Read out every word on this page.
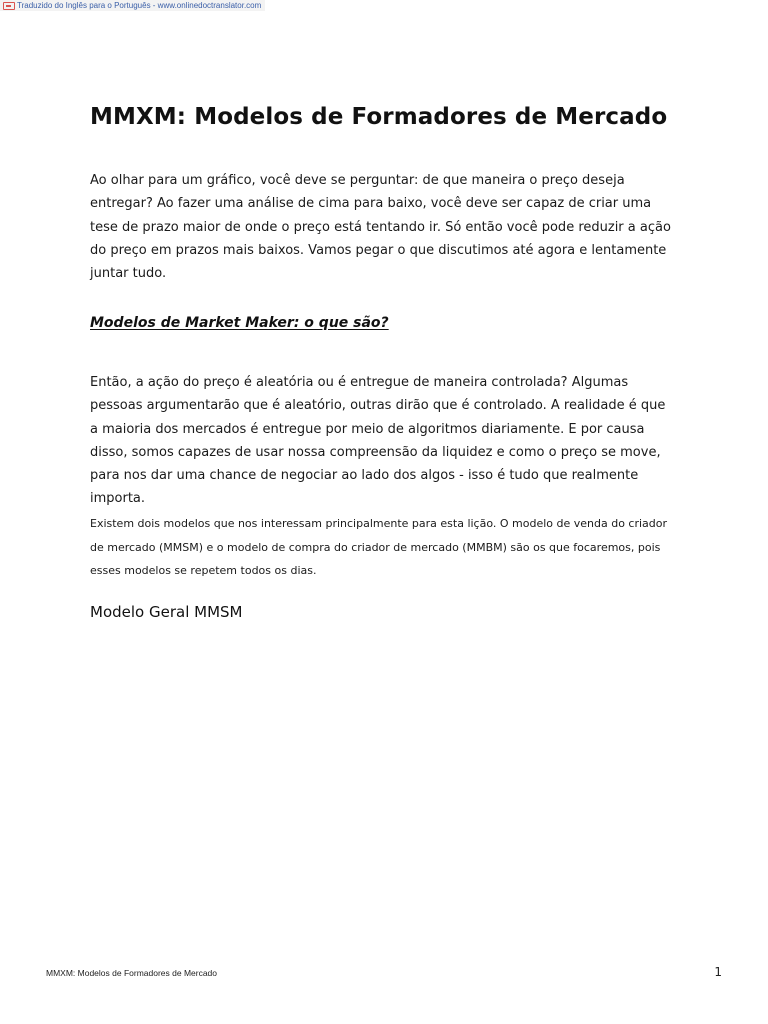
Traduzido do Inglês para o Português - www.onlinedoctranslator.com
MMXM: Modelos de Formadores de Mercado

Ao olhar para um gráfico, você deve se perguntar: de que maneira o preço deseja entregar? Ao fazer uma análise de cima para baixo, você deve ser capaz de criar uma tese de prazo maior de onde o preço está tentando ir. Só então você pode reduzir a ação do preço em prazos mais baixos. Vamos pegar o que discutimos até agora e lentamente juntar tudo.

Modelos de Market Maker: o que são?

Então, a ação do preço é aleatória ou é entregue de maneira controlada? Algumas pessoas argumentarão que é aleatório, outras dirão que é controlado. A realidade é que a maioria dos mercados é entregue por meio de algoritmos diariamente. E por causa disso, somos capazes de usar nossa compreensão da liquidez e como o preço se move, para nos dar uma chance de negociar ao lado dos algos - isso é tudo que realmente importa.

Existem dois modelos que nos interessam principalmente para esta lição. O modelo de venda do criador de mercado (MMSM) e o modelo de compra do criador de mercado (MMBM) são os que focaremos, pois esses modelos se repetem todos os dias.

Modelo Geral MMSM
MMXM: Modelos de Formadores de Mercado	1
